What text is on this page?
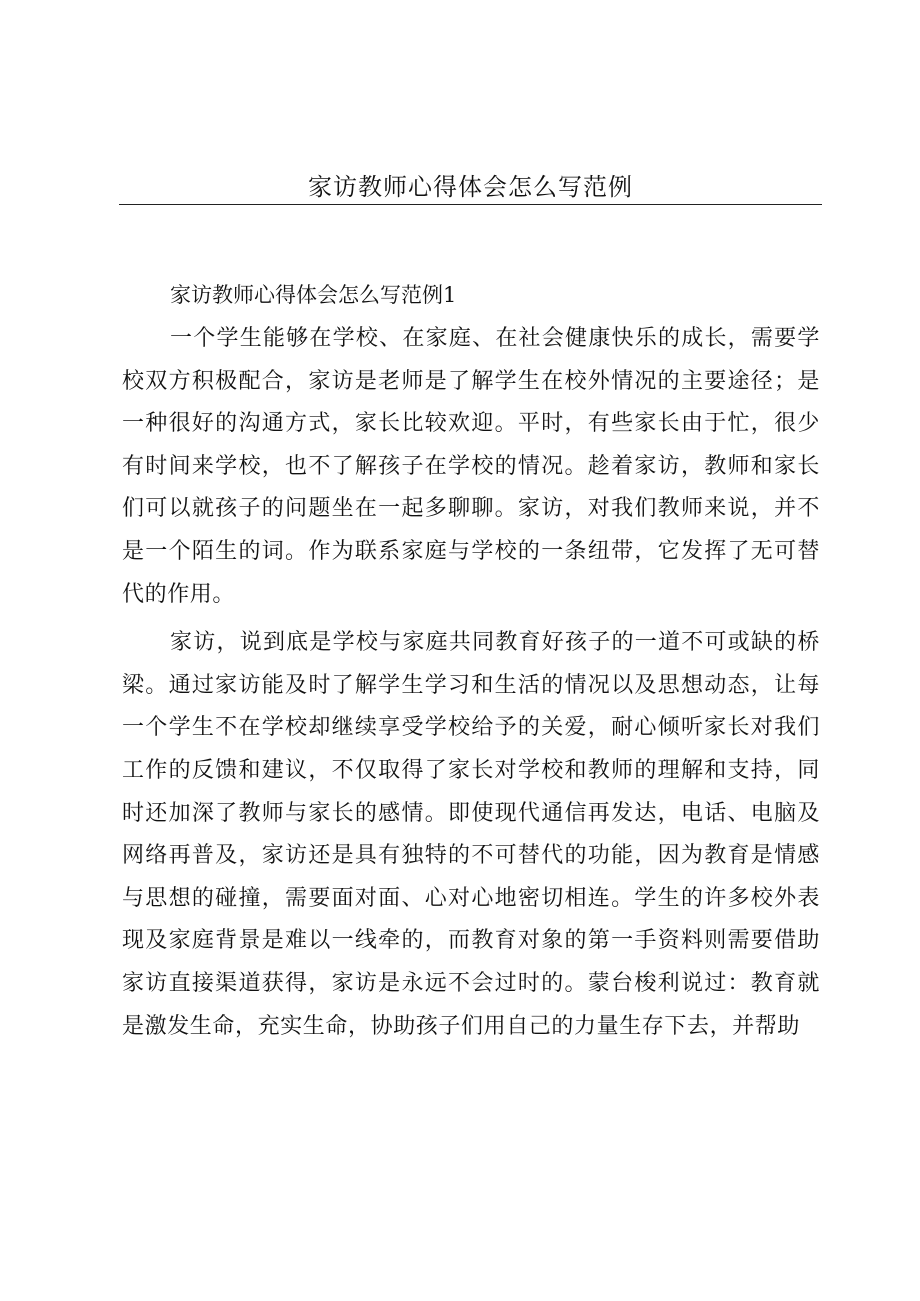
家访教师心得体会怎么写范例

家访教师心得体会怎么写范例1

一个学生能够在学校、在家庭、在社会健康快乐的成长，需要学校双方积极配合，家访是老师是了解学生在校外情况的主要途径；是一种很好的沟通方式，家长比较欢迎。平时，有些家长由于忙，很少有时间来学校，也不了解孩子在学校的情况。趁着家访，教师和家长们可以就孩子的问题坐在一起多聊聊。家访，对我们教师来说，并不是一个陌生的词。作为联系家庭与学校的一条纽带，它发挥了无可替代的作用。

家访，说到底是学校与家庭共同教育好孩子的一道不可或缺的桥梁。通过家访能及时了解学生学习和生活的情况以及思想动态，让每一个学生不在学校却继续享受学校给予的关爱，耐心倾听家长对我们工作的反馈和建议，不仅取得了家长对学校和教师的理解和支持，同时还加深了教师与家长的感情。即使现代通信再发达，电话、电脑及网络再普及，家访还是具有独特的不可替代的功能，因为教育是情感与思想的碰撞，需要面对面、心对心地密切相连。学生的许多校外表现及家庭背景是难以一线牵的，而教育对象的第一手资料则需要借助家访直接渠道获得，家访是永远不会过时的。蒙台梭利说过：教育就是激发生命，充实生命，协助孩子们用自己的力量生存下去，并帮助
